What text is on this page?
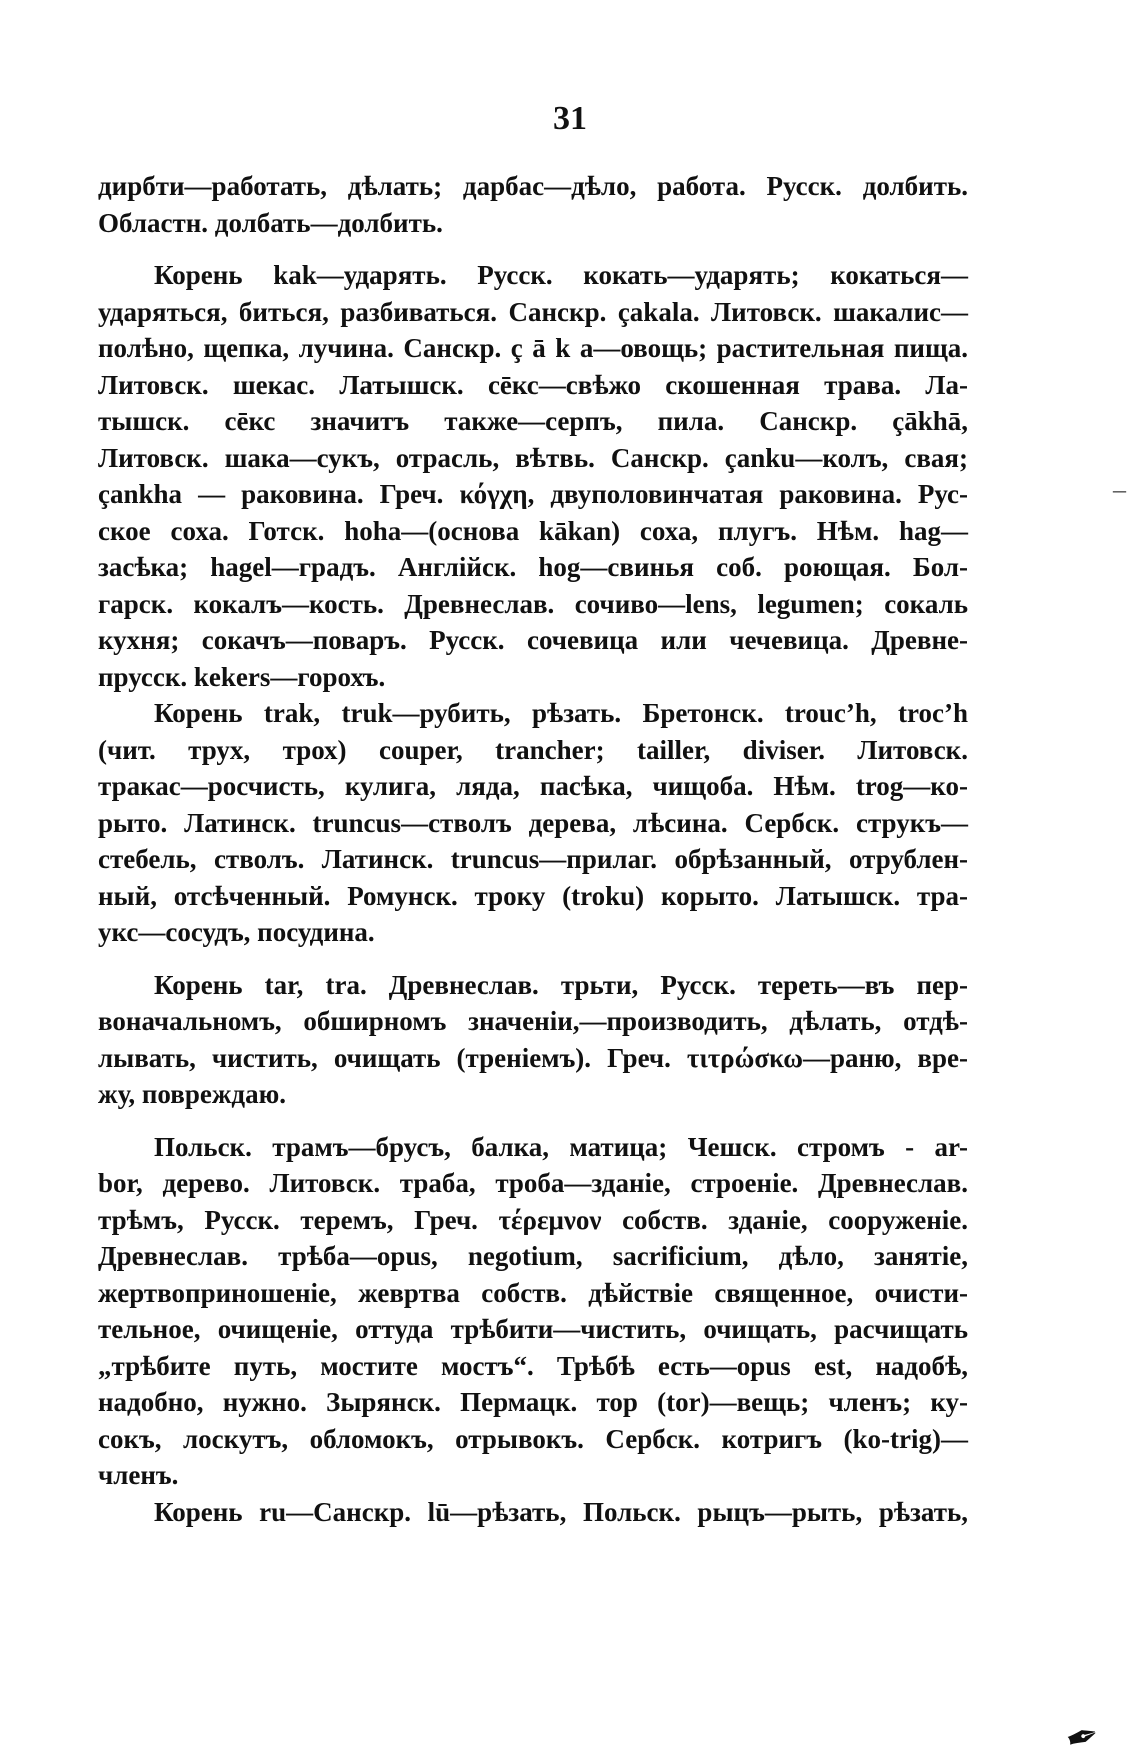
31
дирбти—работать, дѣлать; дарбас—дѣло, работа. Русск. долбить.
Областн. долбать—долбить.
Корень kak—ударять. Русск. кокать—ударять; кокаться—
ударяться, биться, разбиваться. Санскр. çakala. Литовск. шакалис—
полѣно, щепка, лучина. Санскр. ç ā k a—овощь; растительная пища.
Литовск. шекас. Латышск. сēкс—свѣжо скошенная трава. Ла-
тышск. сēкс значитъ также—серпъ, пила. Санскр. çākhā,
Литовск. шака—сукъ, отрасль, вѣтвь. Санскр. çanku—колъ, свая;
çankha — раковина. Греч. κόγχη, двуполовинчатая раковина. Рус-
ское соха. Готск. hoha—(основа kākan) соха, плугъ. Нѣм. hag—
засѣка; hagel—градъ. Англійск. hog—свинья соб. роющая. Бол-
гарск. кокалъ—кость. Древнеслав. сочиво—lens, legumen; сокаль
кухня; сокачъ—поваръ. Русск. сочевица или чечевица. Древне-
прусск. kekers—горохъ.
Корень trak, truk—рубить, рѣзать. Бретонск. trouc’h, troc’h
(чит. трух, трох) couper, trancher; tailler, diviser. Литовск.
тракас—росчисть, кулига, ляда, пасѣка, чищоба. Нѣм. trog—ко-
рыто. Латинск. truncus—стволъ дерева, лѣсина. Сербск. струкъ—
стебель, стволъ. Латинск. truncus—прилаг. обрѣзанный, отрублен-
ный, отсѣченный. Ромунск. троку (troku) корыто. Латышск. тра-
укс—сосудъ, посудина.
Корень tar, tra. Древнеслав. трьти, Русск. тереть—въ пер-
воначальномъ, обширномъ значеніи,—производить, дѣлать, отдѣ-
лывать, чистить, очищать (треніемъ). Греч. τιτρώσκω—раню, вре-
жу, повреждаю.
Польск. трамъ—брусъ, балка, матица; Чешск. стромъ - ar-
bor, дерево. Литовск. траба, троба—зданіе, строеніе. Древнеслав.
трѣмъ, Русск. теремъ, Греч. τέρεμνον собств. зданіе, сооруженіе.
Древнеслав. трѣба—opus, negotium, sacrificium, дѣло, занятіе,
жертвоприношеніе, жевртва собств. дѣйствіе священное, очисти-
тельное, очищеніе, оттуда трѣбити—чистить, очищать, расчищать
„трѣбите путь, мостите мостъ“. Трѣбѣ есть—opus est, надобѣ,
надобно, нужно. Зырянск. Пермацк. тор (tor)—вещь; членъ; ку-
сокъ, лоскутъ, обломокъ, отрывокъ. Сербск. котригъ (ko-trig)—
членъ.
Корень ru—Санскр. lū—рѣзать, Польск. рыцъ—рыть, рѣзать,
–
✒
